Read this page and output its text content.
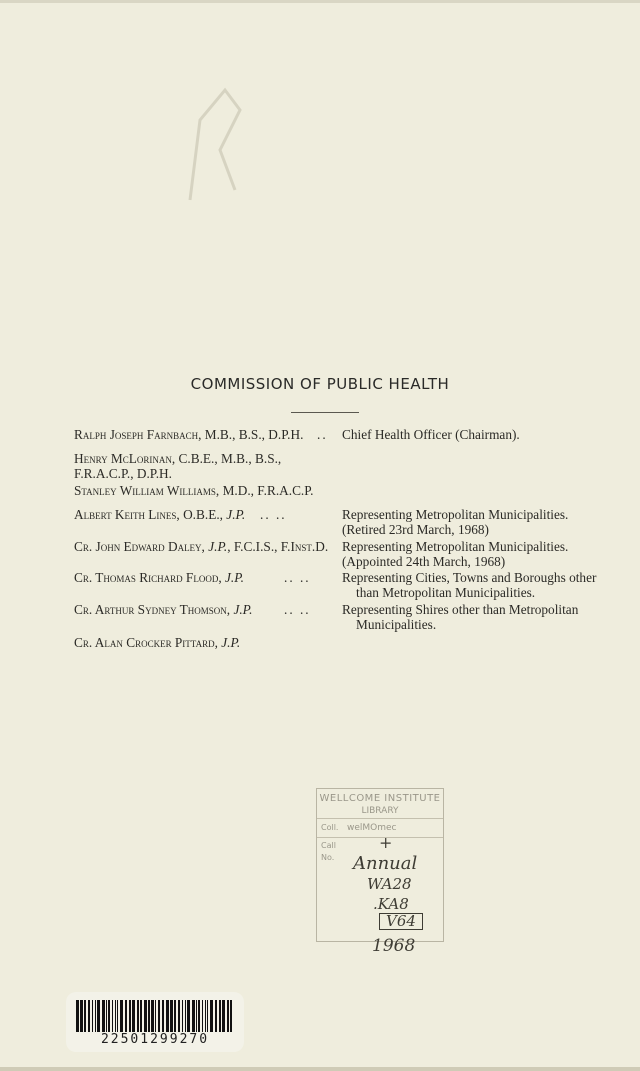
COMMISSION OF PUBLIC HEALTH
Ralph Joseph Farnbach, M.B., B.S., D.P.H.	.. Chief Health Officer (Chairman).
Henry McLorinan, C.B.E., M.B., B.S., F.R.A.C.P., D.P.H.
Stanley William Williams, M.D., F.R.A.C.P.
Albert Keith Lines, O.B.E., J.P.	.. ..	Representing Metropolitan Municipalities.
(Retired 23rd March, 1968)
Cr. John Edward Daley, J.P., F.C.I.S., F.Inst.D.	Representing Metropolitan Municipalities.
(Appointed 24th March, 1968)
Cr. Thomas Richard Flood, J.P.	.. .. Representing Cities, Towns and Boroughs other
than Metropolitan Municipalities.
Cr. Arthur Sydney Thomson, J.P.	.. .. Representing Shires other than Metropolitan
Municipalities.
Cr. Alan Crocker Pittard, J.P.
WELLCOME INSTITUTE
LIBRARY
Coll. welMOmec
Call
No.
+
Annual
WA28
.KA8
V64
1968
22501299270
